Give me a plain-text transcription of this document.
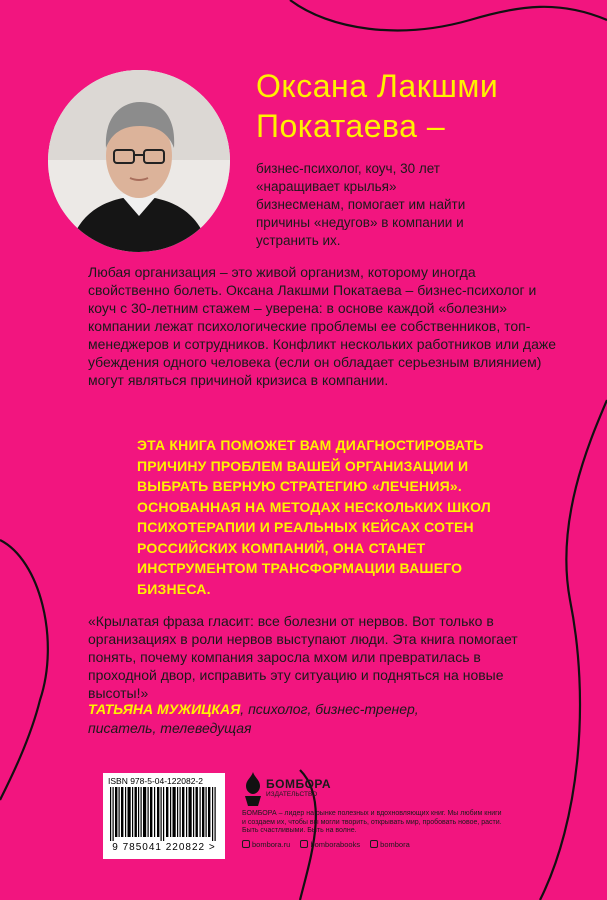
Оксана Лакшми
Покатаева –
бизнес-психолог, коуч, 30 лет «наращивает крылья» бизнесменам, помогает им найти причины «недугов» в компании и устранить их.
Любая организация – это живой организм, которому иногда свойственно болеть. Оксана Лакшми Покатаева – бизнес-психолог и коуч с 30-летним стажем – уверена: в основе каждой «болезни» компании лежат психологические проблемы ее собственников, топ-менеджеров и сотрудников. Конфликт нескольких работников или даже убеждения одного человека (если он обладает серьезным влиянием) могут являться причиной кризиса в компании.
ЭТА КНИГА ПОМОЖЕТ ВАМ ДИАГНОСТИРОВАТЬ ПРИЧИНУ ПРОБЛЕМ ВАШЕЙ ОРГАНИЗАЦИИ И ВЫБРАТЬ ВЕРНУЮ СТРАТЕГИЮ «ЛЕЧЕНИЯ». ОСНОВАННАЯ НА МЕТОДАХ НЕСКОЛЬКИХ ШКОЛ ПСИХОТЕРАПИИ И РЕАЛЬНЫХ КЕЙСАХ СОТЕН РОССИЙСКИХ КОМПАНИЙ, ОНА СТАНЕТ ИНСТРУМЕНТОМ ТРАНСФОРМАЦИИ ВАШЕГО БИЗНЕСА.
«Крылатая фраза гласит: все болезни от нервов. Вот только в организациях в роли нервов выступают люди. Эта книга помогает понять, почему компания заросла мхом или превратилась в проходной двор, исправить эту ситуацию и подняться на новые высоты!»
ТАТЬЯНА МУЖИЦКАЯ, психолог, бизнес-тренер, писатель, телеведущая
ISBN 978-5-04-122082-2
9 785041 220822 >
БОМБОРА
ИЗДАТЕЛЬСТВО
БОМБОРА – лидер на рынке полезных и вдохновляющих книг. Мы любим книги и создаем их, чтобы вы могли творить, открывать мир, пробовать новое, расти. Быть счастливыми. Быть на волне.
bombora.ru	bomborabooks	bombora
